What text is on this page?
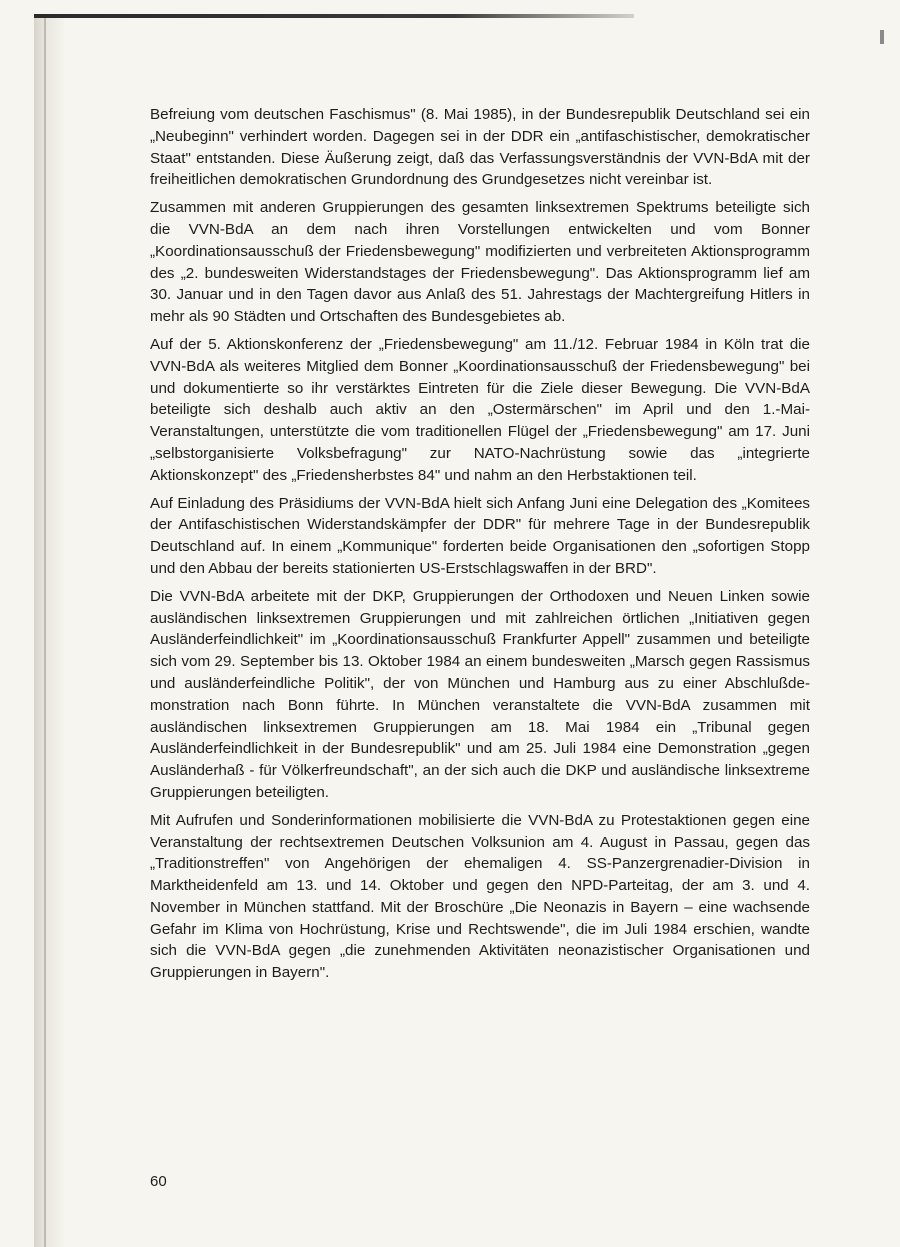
Befreiung vom deutschen Faschismus" (8. Mai 1985), in der Bundesrepublik Deutschland sei ein „Neubeginn" verhindert worden. Dagegen sei in der DDR ein „antifaschistischer, demokratischer Staat" entstanden. Diese Äußerung zeigt, daß das Verfassungsverständnis der VVN-BdA mit der freiheitlichen demokratischen Grundordnung des Grundgesetzes nicht vereinbar ist.

Zusammen mit anderen Gruppierungen des gesamten linksextremen Spektrums beteiligte sich die VVN-BdA an dem nach ihren Vorstellungen entwickelten und vom Bonner „Koordinationsausschuß der Friedensbewegung" modifizierten und verbreiteten Aktionsprogramm des „2. bundesweiten Widerstandstages der Friedensbewegung". Das Aktionsprogramm lief am 30. Januar und in den Tagen davor aus Anlaß des 51. Jahrestags der Machtergreifung Hitlers in mehr als 90 Städten und Ortschaften des Bundesgebietes ab.

Auf der 5. Aktionskonferenz der „Friedensbewegung" am 11./12. Februar 1984 in Köln trat die VVN-BdA als weiteres Mitglied dem Bonner „Koordinationsausschuß der Friedensbewegung" bei und dokumentierte so ihr verstärktes Eintreten für die Ziele dieser Bewegung. Die VVN-BdA beteiligte sich deshalb auch aktiv an den „Ostermärschen" im April und den 1.-Mai-Veranstaltungen, unterstützte die vom traditionellen Flügel der „Friedensbewegung" am 17. Juni „selbstorganisierte Volksbefragung" zur NATO-Nachrüstung sowie das „integrierte Aktionskonzept" des „Friedensherbstes 84" und nahm an den Herbstaktionen teil.

Auf Einladung des Präsidiums der VVN-BdA hielt sich Anfang Juni eine Delegation des „Komitees der Antifaschistischen Widerstandskämpfer der DDR" für mehrere Tage in der Bundesrepublik Deutschland auf. In einem „Kommunique" forderten beide Organisationen den „sofortigen Stopp und den Abbau der bereits stationierten US-Erstschlagswaffen in der BRD".

Die VVN-BdA arbeitete mit der DKP, Gruppierungen der Orthodoxen und Neuen Linken sowie ausländischen linksextremen Gruppierungen und mit zahlreichen örtlichen „Initiativen gegen Ausländerfeindlichkeit" im „Koordinationsausschuß Frankfurter Appell" zusammen und beteiligte sich vom 29. September bis 13. Oktober 1984 an einem bundesweiten „Marsch gegen Rassismus und ausländerfeindliche Politik", der von München und Hamburg aus zu einer Abschlußdemonstration nach Bonn führte. In München veranstaltete die VVN-BdA zusammen mit ausländischen linksextremen Gruppierungen am 18. Mai 1984 ein „Tribunal gegen Ausländerfeindlichkeit in der Bundesrepublik" und am 25. Juli 1984 eine Demonstration „gegen Ausländerhaß - für Völkerfreundschaft", an der sich auch die DKP und ausländische linksextreme Gruppierungen beteiligten.

Mit Aufrufen und Sonderinformationen mobilisierte die VVN-BdA zu Protestaktionen gegen eine Veranstaltung der rechtsextremen Deutschen Volksunion am 4. August in Passau, gegen das „Traditionstreffen" von Angehörigen der ehemaligen 4. SS-Panzergrenadier-Division in Marktheidenfeld am 13. und 14. Oktober und gegen den NPD-Parteitag, der am 3. und 4. November in München stattfand. Mit der Broschüre „Die Neonazis in Bayern – eine wachsende Gefahr im Klima von Hochrüstung, Krise und Rechtswende", die im Juli 1984 erschien, wandte sich die VVN-BdA gegen „die zunehmenden Aktivitäten neonazistischer Organisationen und Gruppierungen in Bayern".

60
